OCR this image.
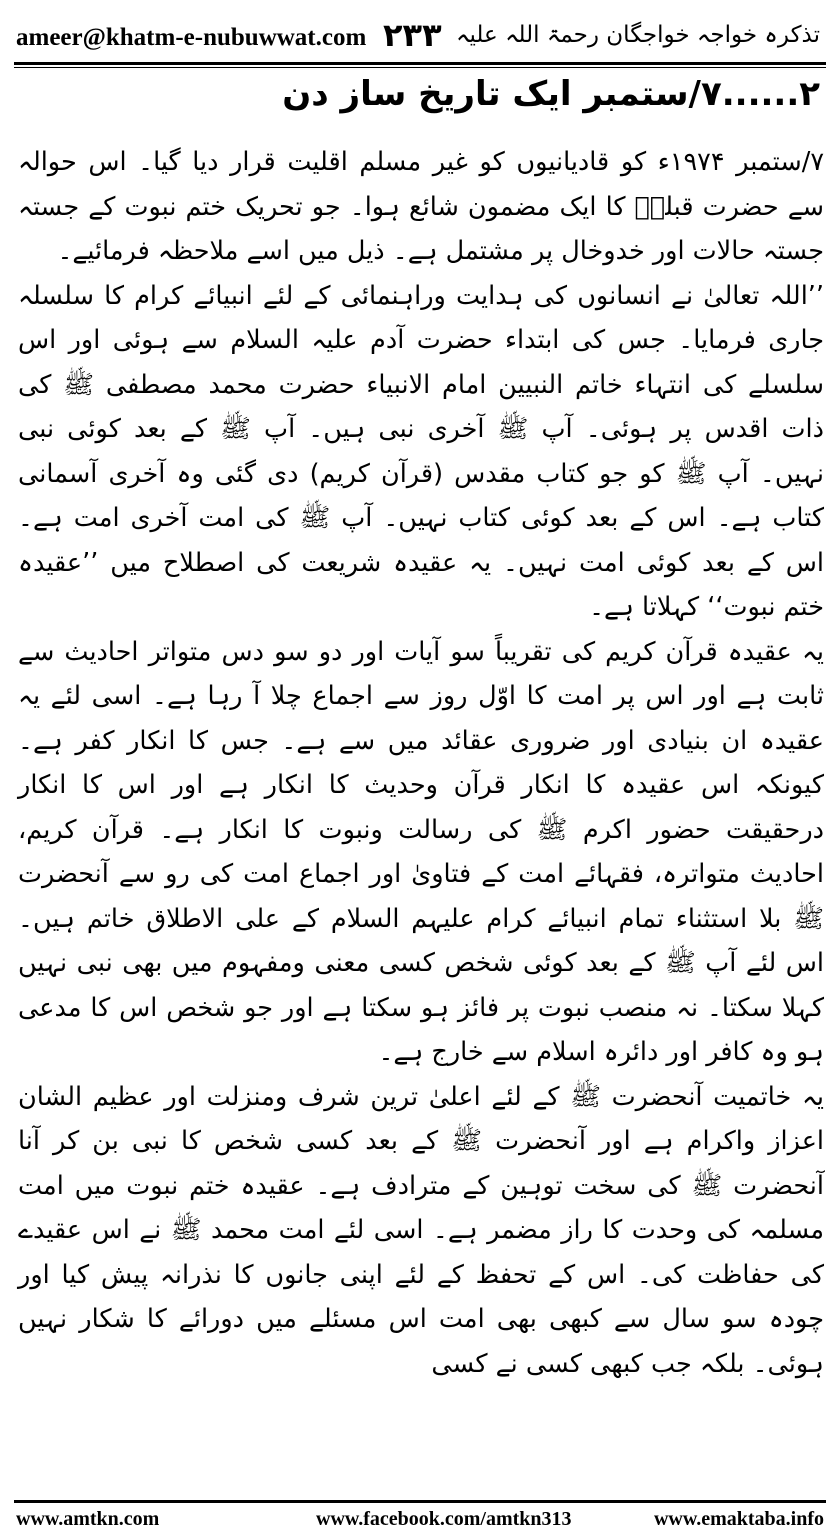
ameer@khatm-e-nubuwwat.com ۲۳۳ تذکرہ خواجہ خواجگان رحمۃ اللہ علیہ
۲......۷/ستمبر ایک تاریخ ساز دن

۷/ستمبر ۱۹۷۴ء کو قادیانیوں کو غیر مسلم اقلیت قرار دیا گیا۔ اس حوالہ سے حضرت قبلہؒ کا ایک مضمون شائع ہوا۔ جو تحریک ختم نبوت کے جستہ جستہ حالات اور خدوخال پر مشتمل ہے۔ ذیل میں اسے ملاحظہ فرمائیے۔

’’اللہ تعالیٰ نے انسانوں کی ہدایت وراہنمائی کے لئے انبیائے کرام کا سلسلہ جاری فرمایا۔ جس کی ابتداء حضرت آدم علیہ السلام سے ہوئی اور اس سلسلے کی انتہاء خاتم النبیین امام الانبیاء حضرت محمد مصطفی ﷺ کی ذات اقدس پر ہوئی۔ آپ ﷺ آخری نبی ہیں۔ آپ ﷺ کے بعد کوئی نبی نہیں۔ آپ ﷺ کو جو کتاب مقدس (قرآن کریم) دی گئی وہ آخری آسمانی کتاب ہے۔ اس کے بعد کوئی کتاب نہیں۔ آپ ﷺ کی امت آخری امت ہے۔ اس کے بعد کوئی امت نہیں۔ یہ عقیدہ شریعت کی اصطلاح میں ’’عقیدہ ختم نبوت‘‘ کہلاتا ہے۔

یہ عقیدہ قرآن کریم کی تقریباً سو آیات اور دو سو دس متواتر احادیث سے ثابت ہے اور اس پر امت کا اوّل روز سے اجماع چلا آ رہا ہے۔ اسی لئے یہ عقیدہ ان بنیادی اور ضروری عقائد میں سے ہے۔ جس کا انکار کفر ہے۔ کیونکہ اس عقیدہ کا انکار قرآن وحدیث کا انکار ہے اور اس کا انکار درحقیقت حضور اکرم ﷺ کی رسالت ونبوت کا انکار ہے۔ قرآن کریم، احادیث متواترہ، فقہائے امت کے فتاویٰ اور اجماع امت کی رو سے آنحضرت ﷺ بلا استثناء تمام انبیائے کرام علیہم السلام کے علی الاطلاق خاتم ہیں۔ اس لئے آپ ﷺ کے بعد کوئی شخص کسی معنی ومفہوم میں بھی نبی نہیں کہلا سکتا۔ نہ منصب نبوت پر فائز ہو سکتا ہے اور جو شخص اس کا مدعی ہو وہ کافر اور دائرہ اسلام سے خارج ہے۔

یہ خاتمیت آنحضرت ﷺ کے لئے اعلیٰ ترین شرف ومنزلت اور عظیم الشان اعزاز واکرام ہے اور آنحضرت ﷺ کے بعد کسی شخص کا نبی بن کر آنا آنحضرت ﷺ کی سخت توہین کے مترادف ہے۔ عقیدہ ختم نبوت میں امت مسلمہ کی وحدت کا راز مضمر ہے۔ اسی لئے امت محمد ﷺ نے اس عقیدے کی حفاظت کی۔ اس کے تحفظ کے لئے اپنی جانوں کا نذرانہ پیش کیا اور چودہ سو سال سے کبھی بھی امت اس مسئلے میں دورائے کا شکار نہیں ہوئی۔ بلکہ جب کبھی کسی نے کسی

www.amtkn.com	www.facebook.com/amtkn313	www.emaktaba.info
